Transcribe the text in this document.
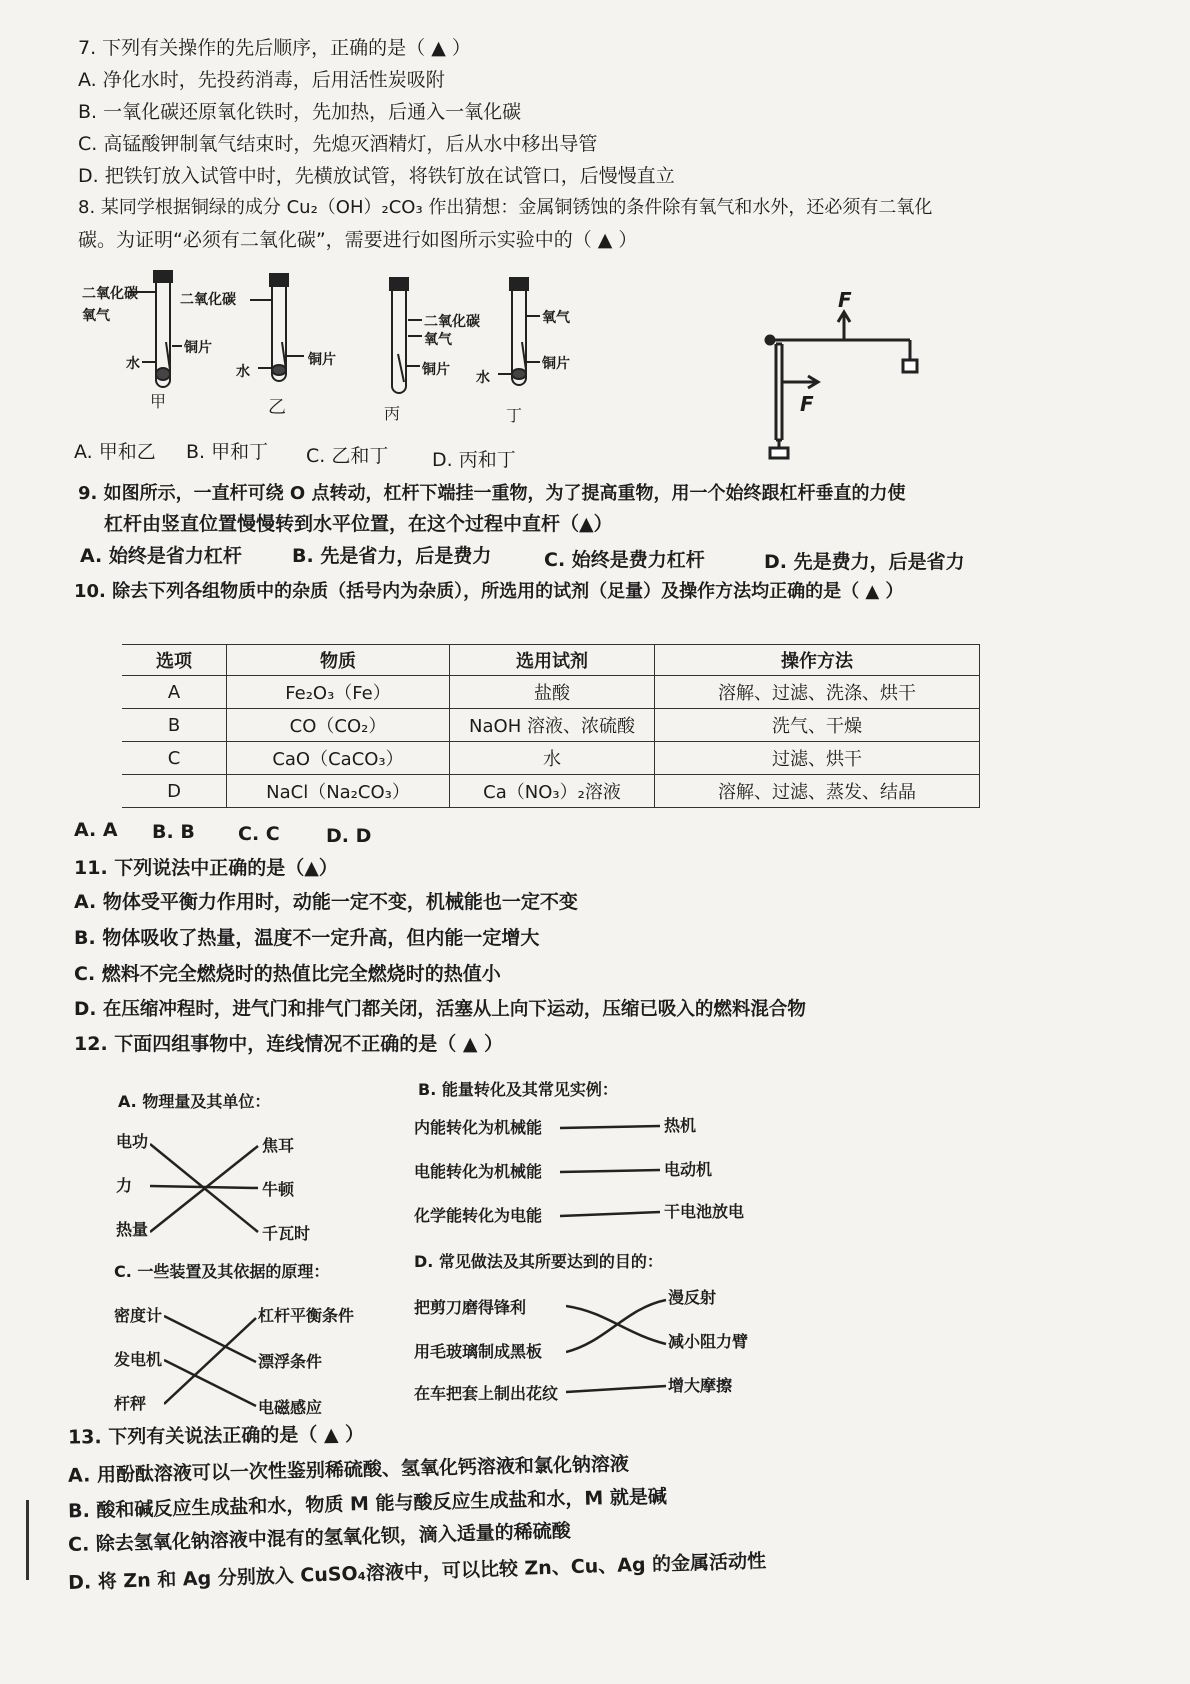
7. 下列有关操作的先后顺序，正确的是（ ▲ ）
A. 净化水时，先投药消毒，后用活性炭吸附
B. 一氧化碳还原氧化铁时，先加热，后通入一氧化碳
C. 高锰酸钾制氧气结束时，先熄灭酒精灯，后从水中移出导管
D. 把铁钉放入试管中时，先横放试管，将铁钉放在试管口，后慢慢直立
8. 某同学根据铜绿的成分 Cu₂（OH）₂CO₃ 作出猜想：金属铜锈蚀的条件除有氧气和水外，还必须有二氧化
碳。为证明“必须有二氧化碳”，需要进行如图所示实验中的（ ▲ ）
二氧化碳
氧气
铜片
水
甲
二氧化碳
铜片
水
乙
二氧化碳
氧气
铜片
丙
氧气
铜片
水
丁
F
F
A. 甲和乙 B. 甲和丁 C. 乙和丁 D. 丙和丁
9. 如图所示，一直杆可绕 O 点转动，杠杆下端挂一重物，为了提高重物，用一个始终跟杠杆垂直的力使
杠杆由竖直位置慢慢转到水平位置，在这个过程中直杆（▲）
A. 始终是省力杠杆	B. 先是省力，后是费力	C. 始终是费力杠杆	D. 先是费力，后是省力
10. 除去下列各组物质中的杂质（括号内为杂质），所选用的试剂（足量）及操作方法均正确的是（ ▲ ）
选项	物质	选用试剂	操作方法
A	Fe₂O₃（Fe）	盐酸	溶解、过滤、洗涤、烘干
B	CO（CO₂）	NaOH 溶液、浓硫酸	洗气、干燥
C	CaO（CaCO₃）	水	过滤、烘干
D	NaCl（Na₂CO₃）	Ca（NO₃）₂溶液	溶解、过滤、蒸发、结晶
A. A B. B C. C D. D
11. 下列说法中正确的是（▲）
A. 物体受平衡力作用时，动能一定不变，机械能也一定不变
B. 物体吸收了热量，温度不一定升高，但内能一定增大
C. 燃料不完全燃烧时的热值比完全燃烧时的热值小
D. 在压缩冲程时，进气门和排气门都关闭，活塞从上向下运动，压缩已吸入的燃料混合物
12. 下面四组事物中，连线情况不正确的是（ ▲ ）
A. 物理量及其单位：
电功
力
热量
焦耳
牛顿
千瓦时
B. 能量转化及其常见实例：
内能转化为机械能
电能转化为机械能
化学能转化为电能
热机
电动机
干电池放电
C. 一些装置及其依据的原理：
密度计
发电机
杆秤
杠杆平衡条件
漂浮条件
电磁感应
D. 常见做法及其所要达到的目的：
把剪刀磨得锋利
用毛玻璃制成黑板
在车把套上制出花纹
漫反射
减小阻力臂
增大摩擦
13. 下列有关说法正确的是（ ▲ ）
A. 用酚酞溶液可以一次性鉴别稀硫酸、氢氧化钙溶液和氯化钠溶液
B. 酸和碱反应生成盐和水，物质 M 能与酸反应生成盐和水，M 就是碱
C. 除去氢氧化钠溶液中混有的氢氧化钡，滴入适量的稀硫酸
D. 将 Zn 和 Ag 分别放入 CuSO₄溶液中，可以比较 Zn、Cu、Ag 的金属活动性
